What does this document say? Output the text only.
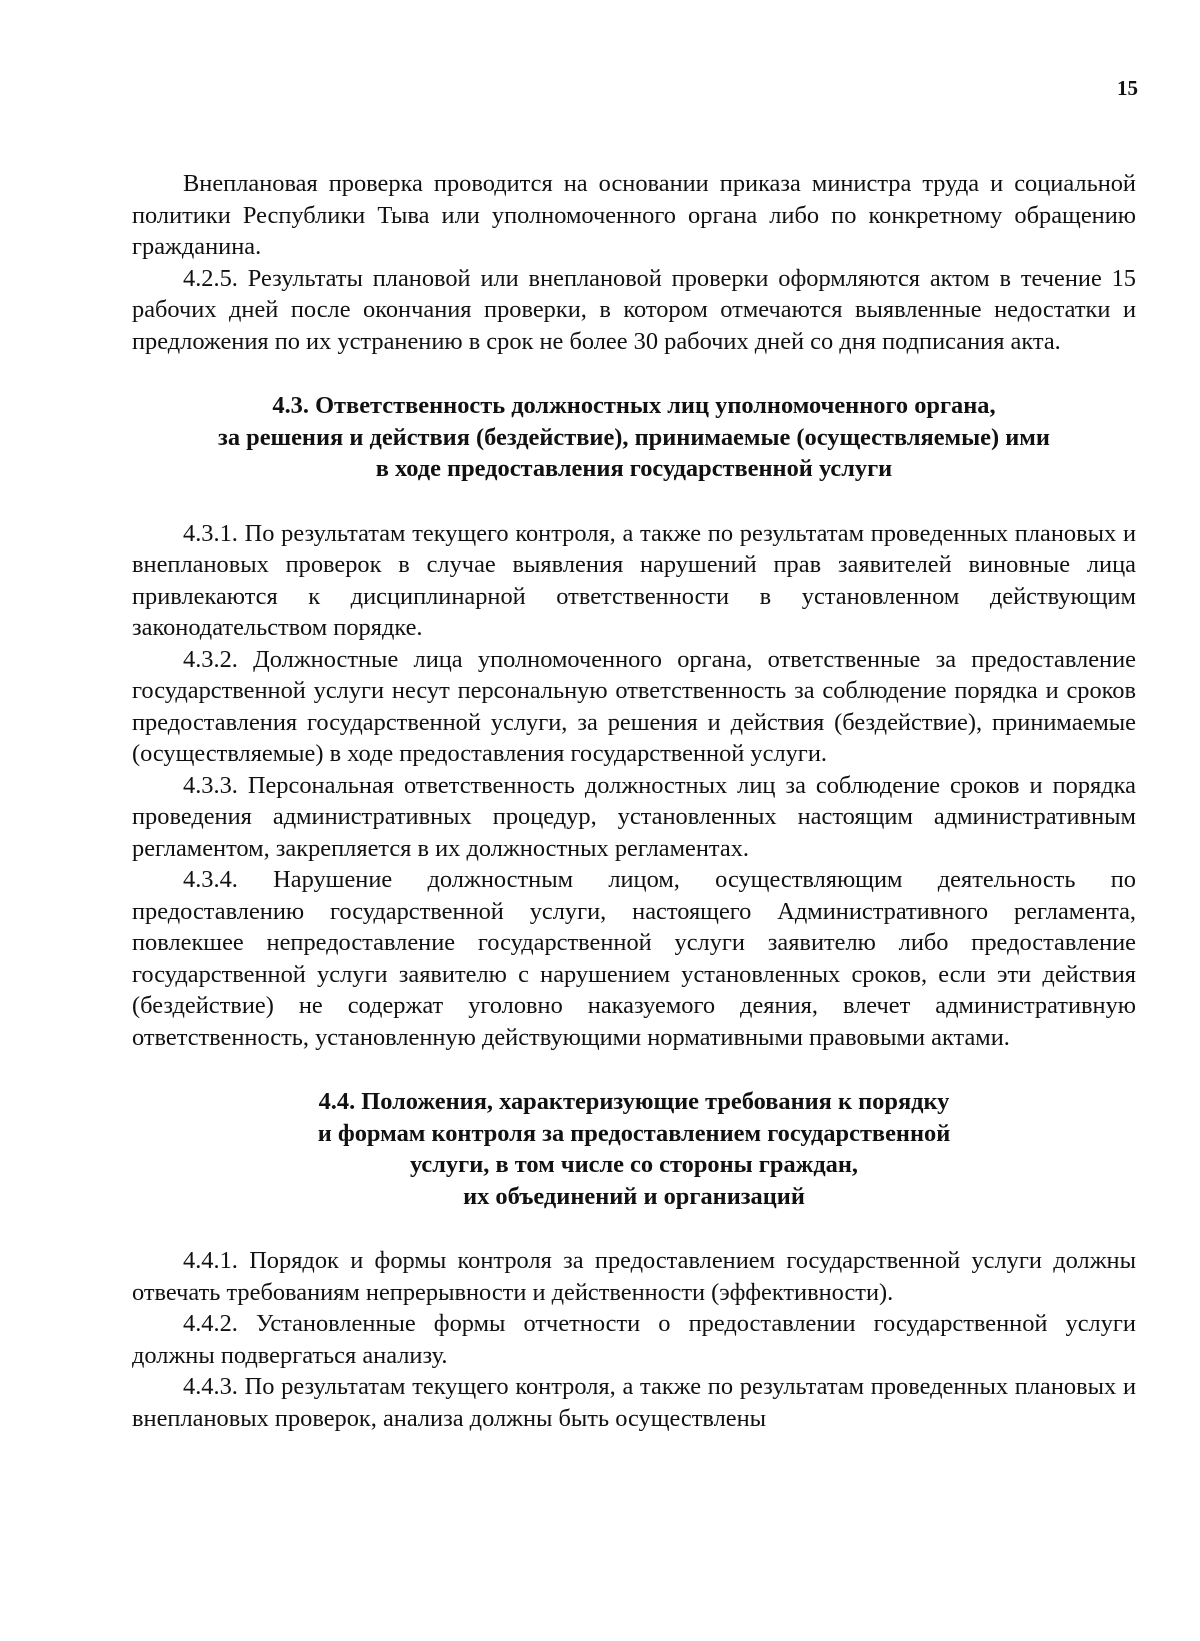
15

Внеплановая проверка проводится на основании приказа министра труда и социальной политики Республики Тыва или уполномоченного органа либо по конкретному обращению гражданина.

4.2.5. Результаты плановой или внеплановой проверки оформляются актом в течение 15 рабочих дней после окончания проверки, в котором отмечаются выявленные недостатки и предложения по их устранению в срок не более 30 рабочих дней со дня подписания акта.

4.3. Ответственность должностных лиц уполномоченного органа,
за решения и действия (бездействие), принимаемые (осуществляемые) ими
в ходе предоставления государственной услуги

4.3.1. По результатам текущего контроля, а также по результатам проведенных плановых и внеплановых проверок в случае выявления нарушений прав заявителей виновные лица привлекаются к дисциплинарной ответственности в установленном действующим законодательством порядке.

4.3.2. Должностные лица уполномоченного органа, ответственные за предоставление государственной услуги несут персональную ответственность за соблюдение порядка и сроков предоставления государственной услуги, за решения и действия (бездействие), принимаемые (осуществляемые) в ходе предоставления государственной услуги.

4.3.3. Персональная ответственность должностных лиц за соблюдение сроков и порядка проведения административных процедур, установленных настоящим административным регламентом, закрепляется в их должностных регламентах.

4.3.4. Нарушение должностным лицом, осуществляющим деятельность по предоставлению государственной услуги, настоящего Административного регламента, повлекшее непредоставление государственной услуги заявителю либо предоставление государственной услуги заявителю с нарушением установленных сроков, если эти действия (бездействие) не содержат уголовно наказуемого деяния, влечет административную ответственность, установленную действующими нормативными правовыми актами.

4.4. Положения, характеризующие требования к порядку
и формам контроля за предоставлением государственной
услуги, в том числе со стороны граждан,
их объединений и организаций

4.4.1. Порядок и формы контроля за предоставлением государственной услуги должны отвечать требованиям непрерывности и действенности (эффективности).

4.4.2. Установленные формы отчетности о предоставлении государственной услуги должны подвергаться анализу.

4.4.3. По результатам текущего контроля, а также по результатам проведенных плановых и внеплановых проверок, анализа должны быть осуществлены
